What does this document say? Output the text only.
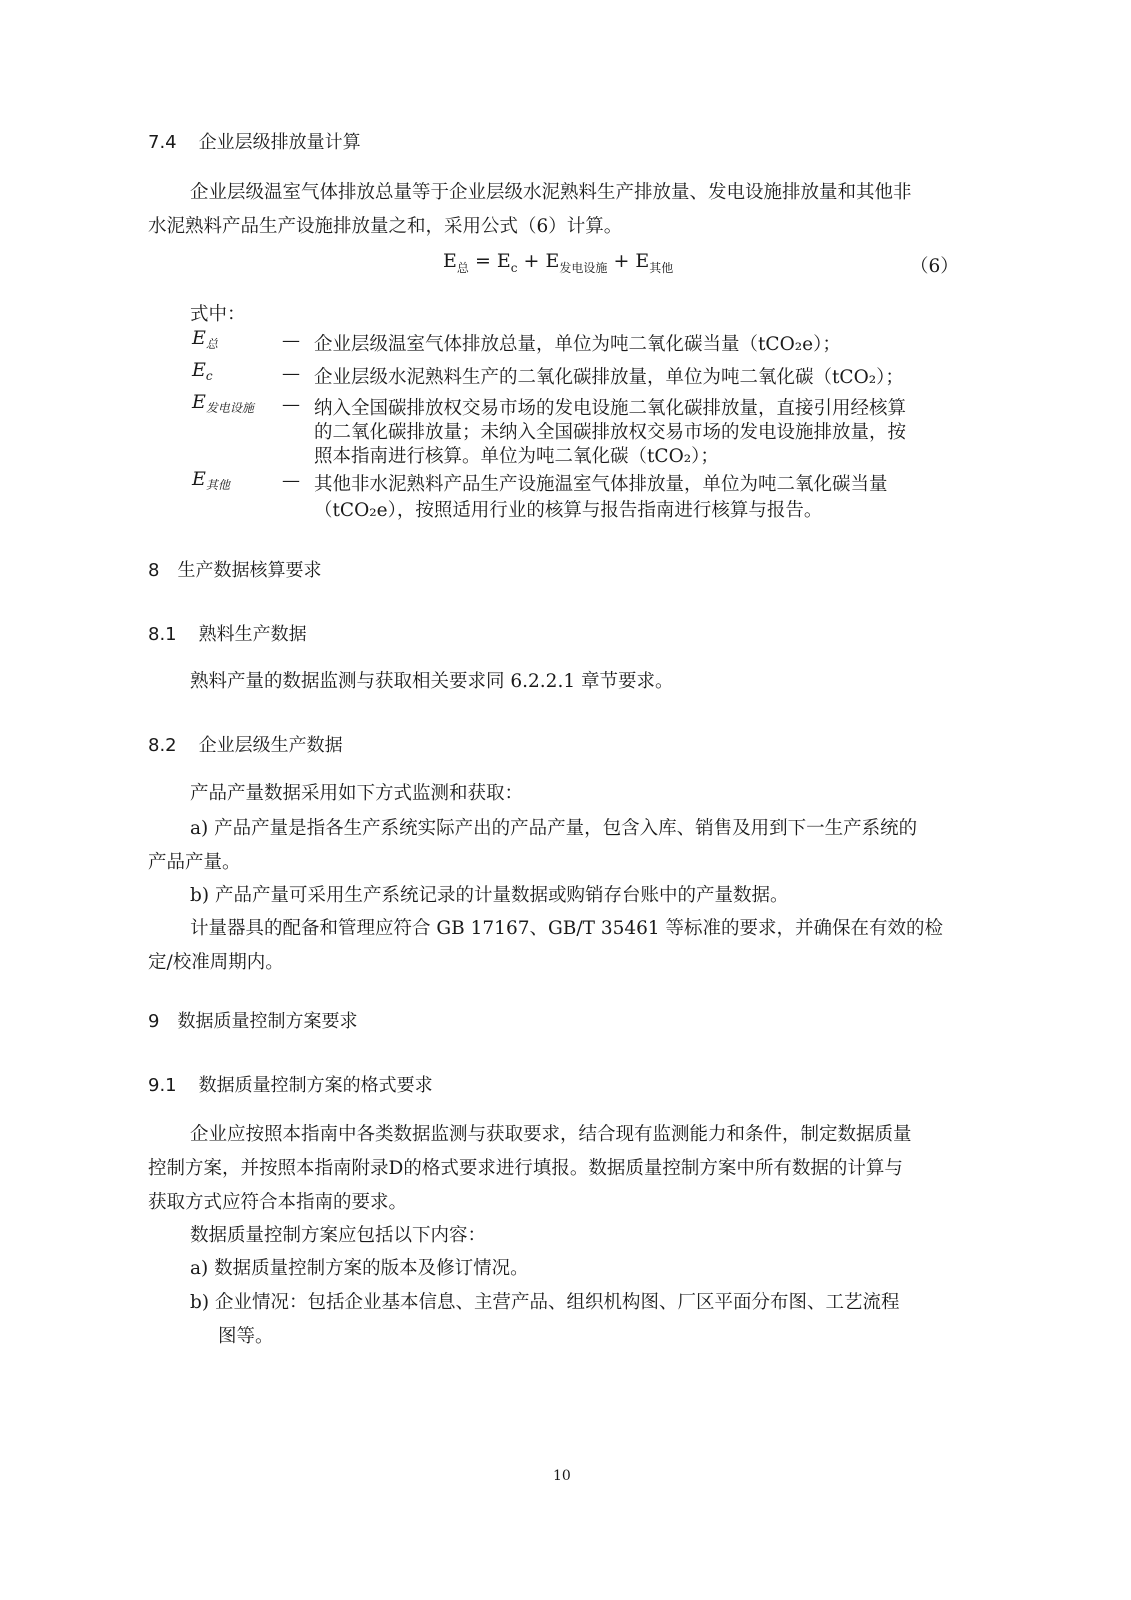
7.4 企业层级排放量计算
企业层级温室气体排放总量等于企业层级水泥熟料生产排放量、发电设施排放量和其他非
水泥熟料产品生产设施排放量之和，采用公式（6）计算。
$E_总 = E_c + E_{发电设施} + E_{其他}$	（6）
式中：
$E_总$	— 企业层级温室气体排放总量，单位为吨二氧化碳当量（tCO₂e）；
$E_c$	— 企业层级水泥熟料生产的二氧化碳排放量，单位为吨二氧化碳（tCO₂）；
$E_{发电设施}$ — 纳入全国碳排放权交易市场的发电设施二氧化碳排放量，直接引用经核算
的二氧化碳排放量；未纳入全国碳排放权交易市场的发电设施排放量，按
照本指南进行核算。单位为吨二氧化碳（tCO₂）；
$E_{其他}$	— 其他非水泥熟料产品生产设施温室气体排放量，单位为吨二氧化碳当量
（tCO₂e），按照适用行业的核算与报告指南进行核算与报告。
8 生产数据核算要求
8.1 熟料生产数据
熟料产量的数据监测与获取相关要求同 6.2.2.1 章节要求。
8.2 企业层级生产数据
产品产量数据采用如下方式监测和获取：
a) 产品产量是指各生产系统实际产出的产品产量，包含入库、销售及用到下一生产系统的
产品产量。
b) 产品产量可采用生产系统记录的计量数据或购销存台账中的产量数据。
计量器具的配备和管理应符合 GB 17167、GB/T 35461 等标准的要求，并确保在有效的检
定/校准周期内。
9 数据质量控制方案要求
9.1 数据质量控制方案的格式要求
企业应按照本指南中各类数据监测与获取要求，结合现有监测能力和条件，制定数据质量
控制方案，并按照本指南附录D的格式要求进行填报。数据质量控制方案中所有数据的计算与
获取方式应符合本指南的要求。
数据质量控制方案应包括以下内容：
a) 数据质量控制方案的版本及修订情况。
b) 企业情况：包括企业基本信息、主营产品、组织机构图、厂区平面分布图、工艺流程
图等。
10
